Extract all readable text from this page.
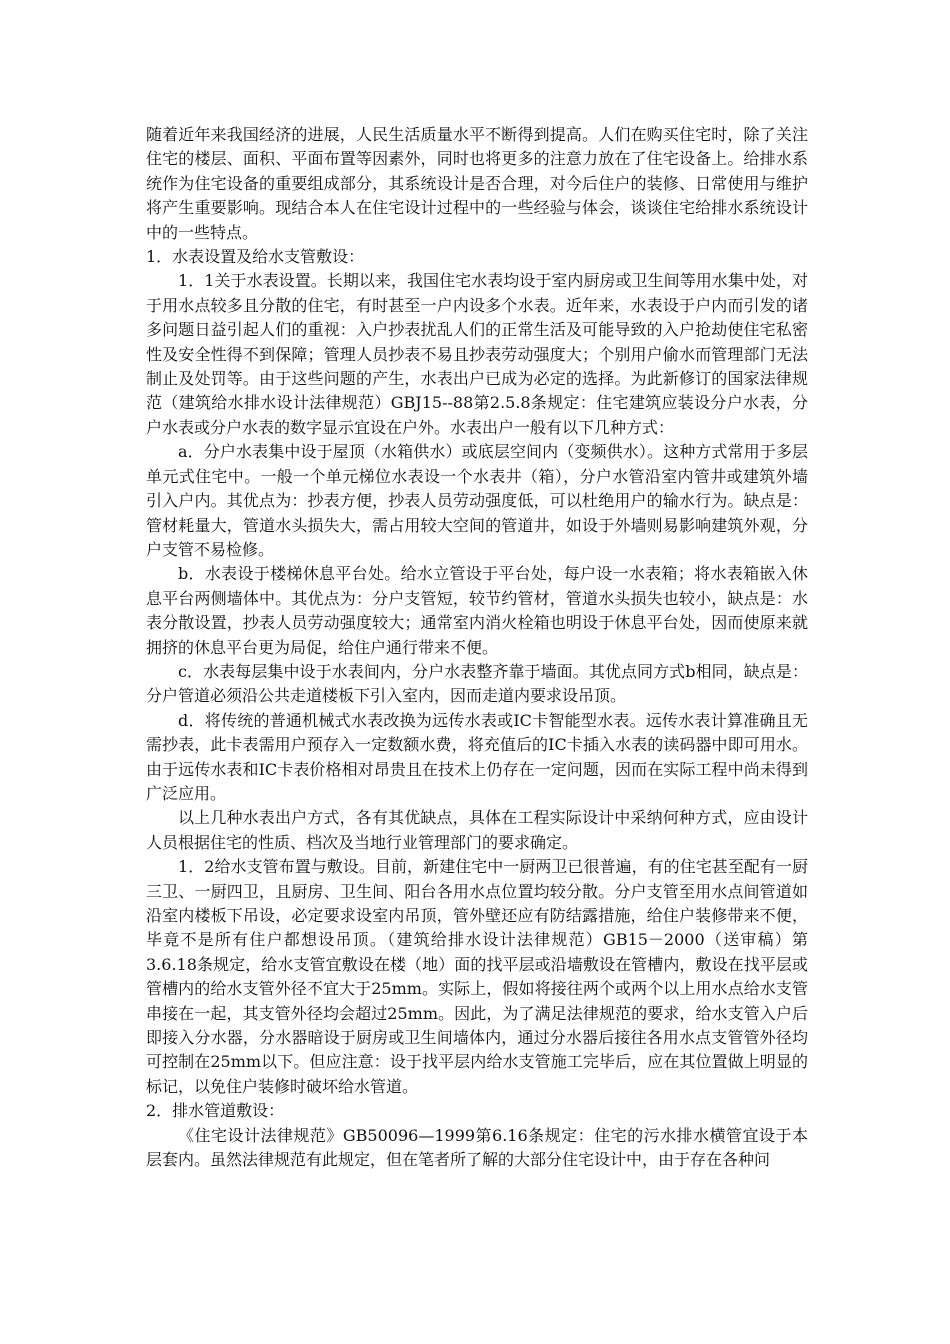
随着近年来我国经济的进展，人民生活质量水平不断得到提高。人们在购买住宅时，除了关注住宅的楼层、面积、平面布置等因素外，同时也将更多的注意力放在了住宅设备上。给排水系统作为住宅设备的重要组成部分，其系统设计是否合理，对今后住户的装修、日常使用与维护将产生重要影响。现结合本人在住宅设计过程中的一些经验与体会，谈谈住宅给排水系统设计中的一些特点。

1．水表设置及给水支管敷设：

1．1关于水表设置。长期以来，我国住宅水表均设于室内厨房或卫生间等用水集中处，对于用水点较多且分散的住宅，有时甚至一户内设多个水表。近年来，水表设于户内而引发的诸多问题日益引起人们的重视：入户抄表扰乱人们的正常生活及可能导致的入户抢劫使住宅私密性及安全性得不到保障；管理人员抄表不易且抄表劳动强度大；个别用户偷水而管理部门无法制止及处罚等。由于这些问题的产生，水表出户已成为必定的选择。为此新修订的国家法律规范（建筑给水排水设计法律规范）GBJ15--88第2.5.8条规定：住宅建筑应装设分户水表，分户水表或分户水表的数字显示宜设在户外。水表出户一般有以下几种方式：

a．分户水表集中设于屋顶（水箱供水）或底层空间内（变频供水）。这种方式常用于多层单元式住宅中。一般一个单元梯位水表设一个水表井（箱），分户水管沿室内管井或建筑外墙引入户内。其优点为：抄表方便，抄表人员劳动强度低，可以杜绝用户的输水行为。缺点是：管材耗量大，管道水头损失大，需占用较大空间的管道井，如设于外墙则易影响建筑外观，分户支管不易检修。

b．水表设于楼梯休息平台处。给水立管设于平台处，每户设一水表箱；将水表箱嵌入休息平台两侧墙体中。其优点为：分户支管短，较节约管材，管道水头损失也较小，缺点是：水表分散设置，抄表人员劳动强度较大；通常室内消火栓箱也明设于休息平台处，因而使原来就拥挤的休息平台更为局促，给住户通行带来不便。

c．水表每层集中设于水表间内，分户水表整齐靠于墙面。其优点同方式b相同，缺点是：分户管道必须沿公共走道楼板下引入室内，因而走道内要求设吊顶。

d．将传统的普通机械式水表改换为远传水表或IC卡智能型水表。远传水表计算准确且无需抄表，此卡表需用户预存入一定数额水费，将充值后的IC卡插入水表的读码器中即可用水。由于远传水表和IC卡表价格相对昂贵且在技术上仍存在一定问题，因而在实际工程中尚未得到广泛应用。

以上几种水表出户方式，各有其优缺点，具体在工程实际设计中采纳何种方式，应由设计人员根据住宅的性质、档次及当地行业管理部门的要求确定。

1．2给水支管布置与敷设。目前，新建住宅中一厨两卫已很普遍，有的住宅甚至配有一厨三卫、一厨四卫，且厨房、卫生间、阳台各用水点位置均较分散。分户支管至用水点间管道如沿室内楼板下吊设，必定要求设室内吊顶，管外壁还应有防结露措施，给住户装修带来不便，毕竟不是所有住户都想设吊顶。（建筑给排水设计法律规范）GB15－2000（送审稿）第3.6.18条规定，给水支管宜敷设在楼（地）面的找平层或沿墙敷设在管槽内，敷设在找平层或管槽内的给水支管外径不宜大于25mm。实际上，假如将接往两个或两个以上用水点给水支管串接在一起，其支管外径均会超过25mm。因此，为了满足法律规范的要求，给水支管入户后即接入分水器，分水器暗设于厨房或卫生间墙体内，通过分水器后接往各用水点支管管外径均可控制在25mm以下。但应注意：设于找平层内给水支管施工完毕后，应在其位置做上明显的标记，以免住户装修时破坏给水管道。

2．排水管道敷设：

《住宅设计法律规范》GB50096—1999第6.16条规定：住宅的污水排水横管宜设于本层套内。虽然法律规范有此规定，但在笔者所了解的大部分住宅设计中，由于存在各种问
